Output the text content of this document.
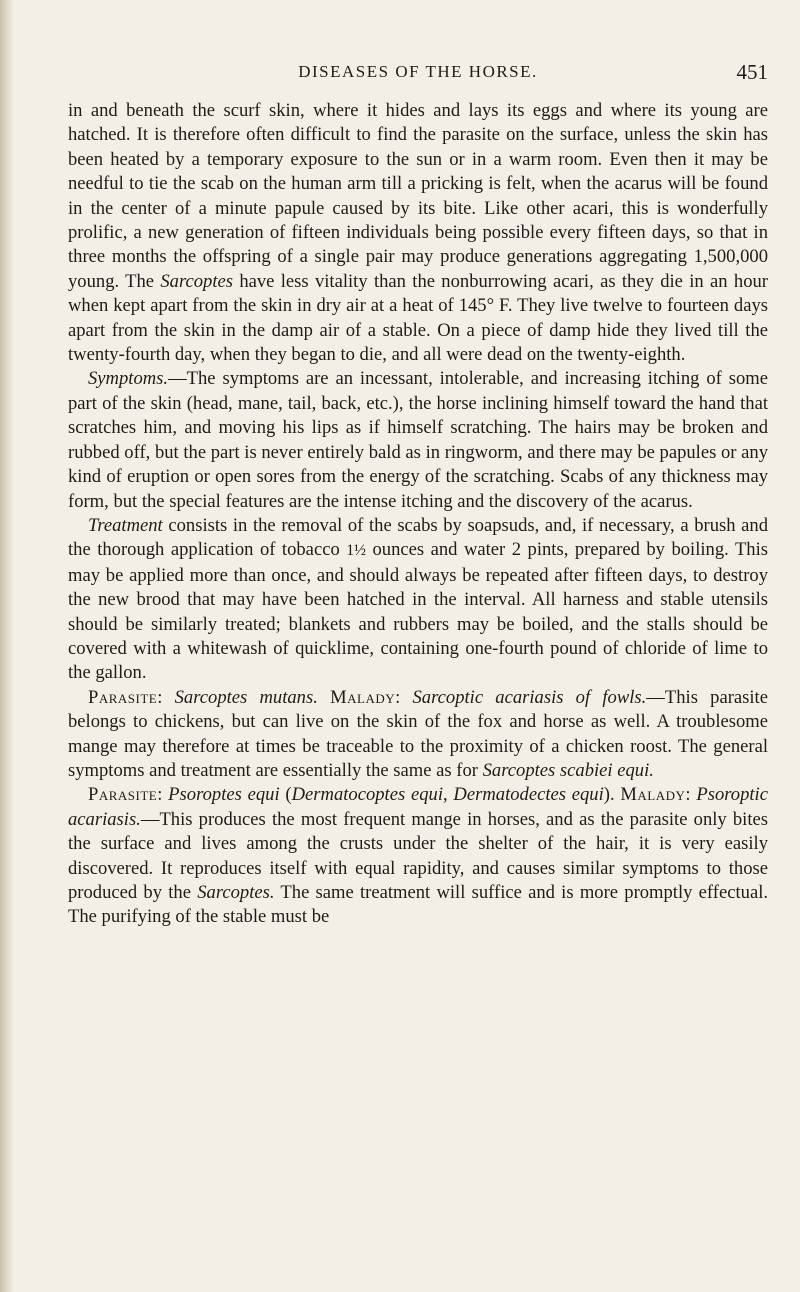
DISEASES OF THE HORSE.	451

in and beneath the scurf skin, where it hides and lays its eggs and where its young are hatched. It is therefore often difficult to find the parasite on the surface, unless the skin has been heated by a temporary exposure to the sun or in a warm room. Even then it may be needful to tie the scab on the human arm till a pricking is felt, when the acarus will be found in the center of a minute papule caused by its bite. Like other acari, this is wonderfully prolific, a new generation of fifteen individuals being possible every fifteen days, so that in three months the offspring of a single pair may produce generations aggregating 1,500,000 young. The Sarcoptes have less vitality than the nonburrowing acari, as they die in an hour when kept apart from the skin in dry air at a heat of 145° F. They live twelve to fourteen days apart from the skin in the damp air of a stable. On a piece of damp hide they lived till the twenty-fourth day, when they began to die, and all were dead on the twenty-eighth.

Symptoms.—The symptoms are an incessant, intolerable, and increasing itching of some part of the skin (head, mane, tail, back, etc.), the horse inclining himself toward the hand that scratches him, and moving his lips as if himself scratching. The hairs may be broken and rubbed off, but the part is never entirely bald as in ringworm, and there may be papules or any kind of eruption or open sores from the energy of the scratching. Scabs of any thickness may form, but the special features are the intense itching and the discovery of the acarus.

Treatment consists in the removal of the scabs by soapsuds, and, if necessary, a brush and the thorough application of tobacco 1½ ounces and water 2 pints, prepared by boiling. This may be applied more than once, and should always be repeated after fifteen days, to destroy the new brood that may have been hatched in the interval. All harness and stable utensils should be similarly treated; blankets and rubbers may be boiled, and the stalls should be covered with a whitewash of quicklime, containing one-fourth pound of chloride of lime to the gallon.

Parasite: Sarcoptes mutans. Malady: Sarcoptic acariasis of fowls.—This parasite belongs to chickens, but can live on the skin of the fox and horse as well. A troublesome mange may therefore at times be traceable to the proximity of a chicken roost. The general symptoms and treatment are essentially the same as for Sarcoptes scabiei equi.

Parasite: Psoroptes equi (Dermatocoptes equi, Dermatodectes equi). Malady: Psoroptic acariasis.—This produces the most frequent mange in horses, and as the parasite only bites the surface and lives among the crusts under the shelter of the hair, it is very easily discovered. It reproduces itself with equal rapidity, and causes similar symptoms to those produced by the Sarcoptes. The same treatment will suffice and is more promptly effectual. The purifying of the stable must be
